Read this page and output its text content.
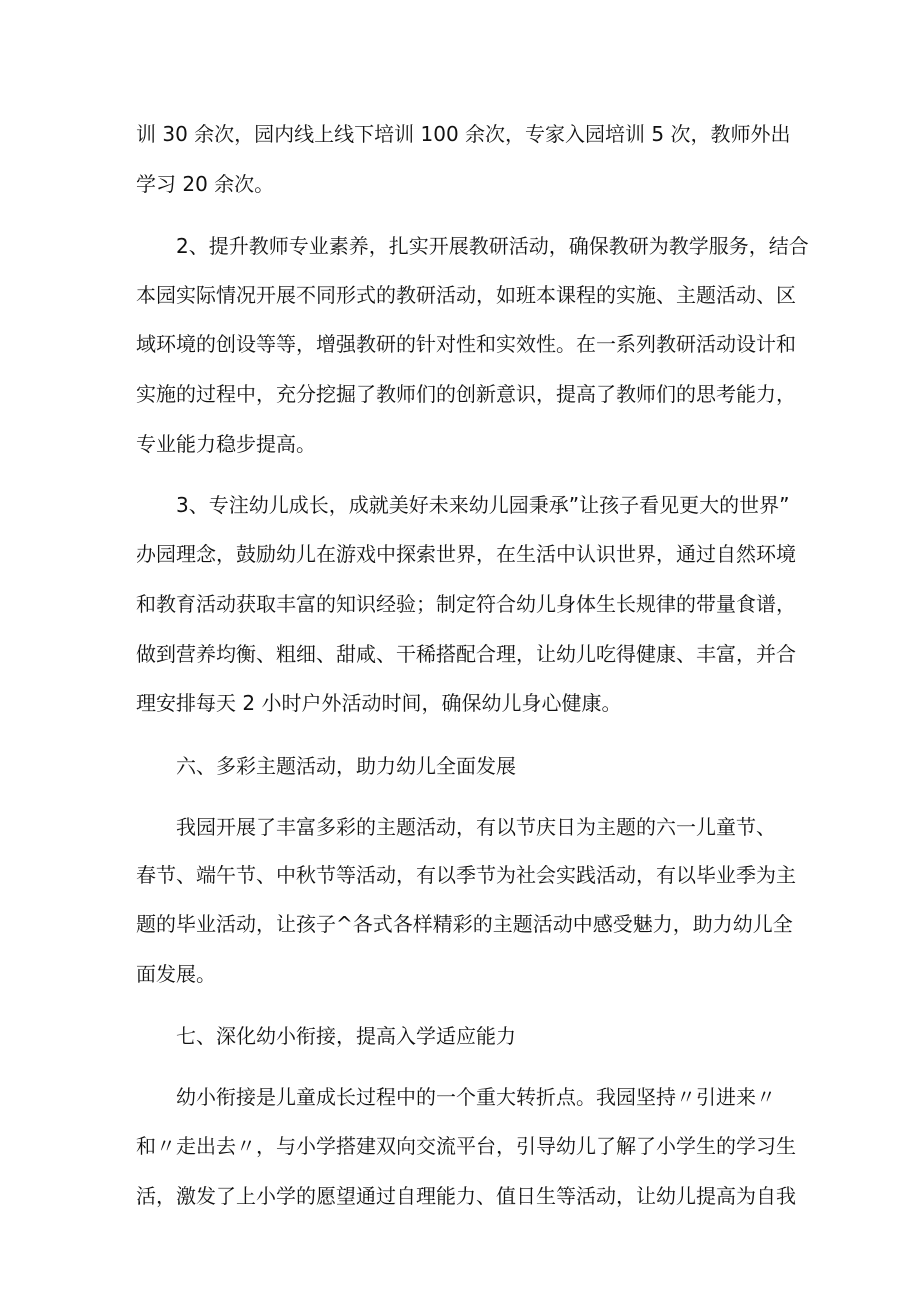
训 30 余次，园内线上线下培训 100 余次，专家入园培训 5 次，教师外出
学习 20 余次。
2、提升教师专业素养，扎实开展教研活动，确保教研为教学服务，结合
本园实际情况开展不同形式的教研活动，如班本课程的实施、主题活动、区
域环境的创设等等，增强教研的针对性和实效性。在一系列教研活动设计和
实施的过程中，充分挖掘了教师们的创新意识，提高了教师们的思考能力，
专业能力稳步提高。
3、专注幼儿成长，成就美好未来幼儿园秉承”让孩子看见更大的世界”
办园理念，鼓励幼儿在游戏中探索世界，在生活中认识世界，通过自然环境
和教育活动获取丰富的知识经验；制定符合幼儿身体生长规律的带量食谱，
做到营养均衡、粗细、甜咸、干稀搭配合理，让幼儿吃得健康、丰富，并合
理安排每天 2 小时户外活动时间，确保幼儿身心健康。
六、多彩主题活动，助力幼儿全面发展
我园开展了丰富多彩的主题活动，有以节庆日为主题的六一儿童节、
春节、端午节、中秋节等活动，有以季节为社会实践活动，有以毕业季为主
题的毕业活动，让孩子^各式各样精彩的主题活动中感受魅力，助力幼儿全
面发展。
七、深化幼小衔接，提高入学适应能力
幼小衔接是儿童成长过程中的一个重大转折点。我园坚持〃引进来〃
和〃走出去〃，与小学搭建双向交流平台，引导幼儿了解了小学生的学习生
活，激发了上小学的愿望通过自理能力、值日生等活动，让幼儿提高为自我
